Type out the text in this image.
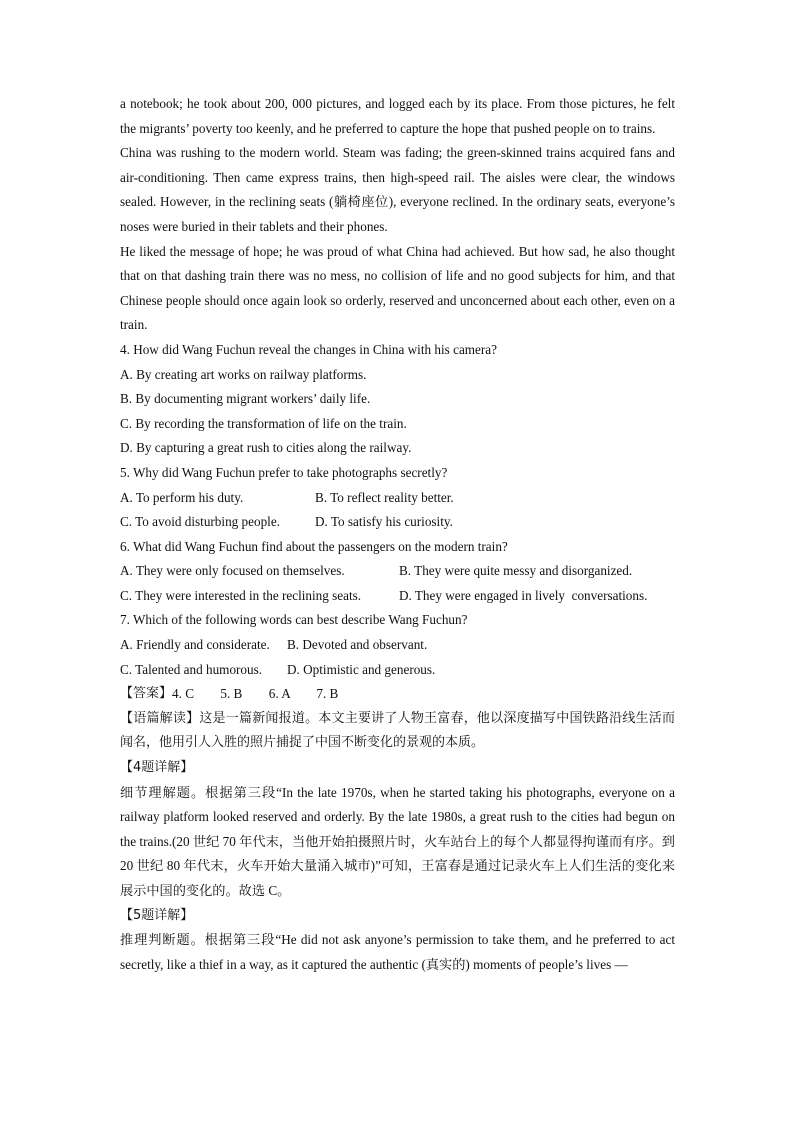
a notebook; he took about 200, 000 pictures, and logged each by its place. From those pictures, he felt the migrants’ poverty too keenly, and he preferred to capture the hope that pushed people on to trains.

China was rushing to the modern world. Steam was fading; the green-skinned trains acquired fans and air-conditioning. Then came express trains, then high-speed rail. The aisles were clear, the windows sealed. However, in the reclining seats (躺椅座位), everyone reclined. In the ordinary seats, everyone’s noses were buried in their tablets and their phones.

He liked the message of hope; he was proud of what China had achieved. But how sad, he also thought that on that dashing train there was no mess, no collision of life and no good subjects for him, and that Chinese people should once again look so orderly, reserved and unconcerned about each other, even on a train.

4. How did Wang Fuchun reveal the changes in China with his camera?

A. By creating art works on railway platforms.

B. By documenting migrant workers’ daily life.

C. By recording the transformation of life on the train.

D. By capturing a great rush to cities along the railway.

5. Why did Wang Fuchun prefer to take photographs secretly?

A. To perform his duty.	B. To reflect reality better.
C. To avoid disturbing people.	D. To satisfy his curiosity.

6. What did Wang Fuchun find about the passengers on the modern train?

A. They were only focused on themselves.	B. They were quite messy and disorganized.
C. They were interested in the reclining seats.	D. They were engaged in lively  conversations.

7. Which of the following words can best describe Wang Fuchun?

A. Friendly and considerate.	B. Devoted and observant.
C. Talented and humorous.	D. Optimistic and generous.
【答案】 4. C        5. B        6. A        7. B

【语篇解读】这是一篇新闻报道。本文主要讲了人物王富春，他以深度描写中国铁路沿线生活而闻名，他用引人入胜的照片捕捉了中国不断变化的景观的本质。

【4题详解】

细节理解题。根据第三段“In the late 1970s, when he started taking his photographs, everyone on a railway platform looked reserved and orderly. By the late 1980s, a great rush to the cities had begun on the trains.(20 世纪 70 年代末，当他开始拍摄照片时，火车站台上的每个人都显得拘谨而有序。到 20 世纪 80 年代末，火车开始大量涌入城市)”可知，王富春是通过记录火车上人们生活的变化来展示中国的变化的。故选 C。

【5题详解】

推理判断题。根据第三段“He did not ask anyone’s permission to take them, and he preferred to act secretly, like a thief in a way, as it captured the authentic (真实的) moments of people’s lives —
